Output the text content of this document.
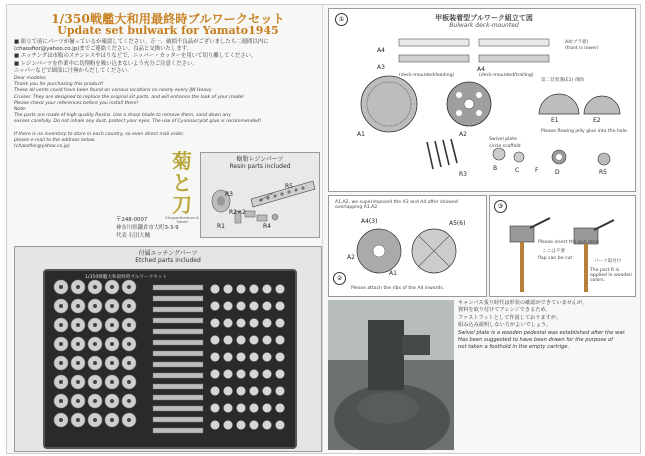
1/350戦艦大和用最終時ブルワークセット
Update set bulwark for Yamato1945
■ 組立て前にパーツが揃っているか確認してください。万一、破損不良品がございましたら二週間以内に
(chaosfior@yahoo.co.jp)までご連絡ください。良品と交換いたします。
■ エッチングは市販のステンレスやはりなどで、ニッパー・カッターを用いて切り離してください。
■ レジンパーツを作業中に切削粉を吸い込まないよう充分ご注意ください。
ニッパーなどで細部に汁無からだしてください。
Dear modeler,
Thank you for purchasing this product!
These all vents could have been found on various locations on nearly every IJN Heavy
Cruiser. They are designed to replace the original kit parts, and will enhance the look of your model
Please check your references before you install them!
Note:
The parts are made of high quality Resins. Use a sharp blade to remove them, sand down any
excess carefully. Do not inhale any dust, protect your eyes. The use of Cyanoacrylat glue is recommended!
If there is no inventory to store in each country, so even direct mail order,
please e-mail to the address below.
(chaosfior@yahoo.co.jp)
菊
と
刀
Chrysanthemum & Sword
〒248-0007
神奈川県鎌倉市大町3-3-9
代表 石田大輔
樹脂レジンパーツ
Resin parts included
R3
R5
R2×2
R1	R4
付属エッチングパーツ
Etched parts included
1/350戦艦大和最終時ブルワークセット
①	甲板装着型ブルワーク組立て図
Bulwark deck-mounted
A1	A2
E1	E2
A4
A4
A3
B	C	D
F
R3	R5
A4(プラ板)
(deck-mounted/leading)	(deck-mounted/trailing)
第二装着溝(E1) 削除
Swivel plate
circle scaffold
(front is lower)
Please flowing jelly glue into the hole.
②
A1,A2, we superimposed the A3 and A4 after showed overlapping A1,A2.
A4(3)
A2
A1
A5(6)
Please attach the ribs of the A4 inwards.
③
Please insert the gun deck
ここは不要
flap can be cut
パーツ取付け
The part R is applied in wooden colors.
キャンバス張り時代は形状の確認ができていませんが、
資料を取り付けてアレンジできるため、
ファストフットとして作図しておりますが、
組み込み説明しない方がよいでしょう。
Swivel plate is a wooden pedestal was established after the war.
Has been suggested to have been drawn for the purpose of
not taken a foothold in the empty cartrige.
